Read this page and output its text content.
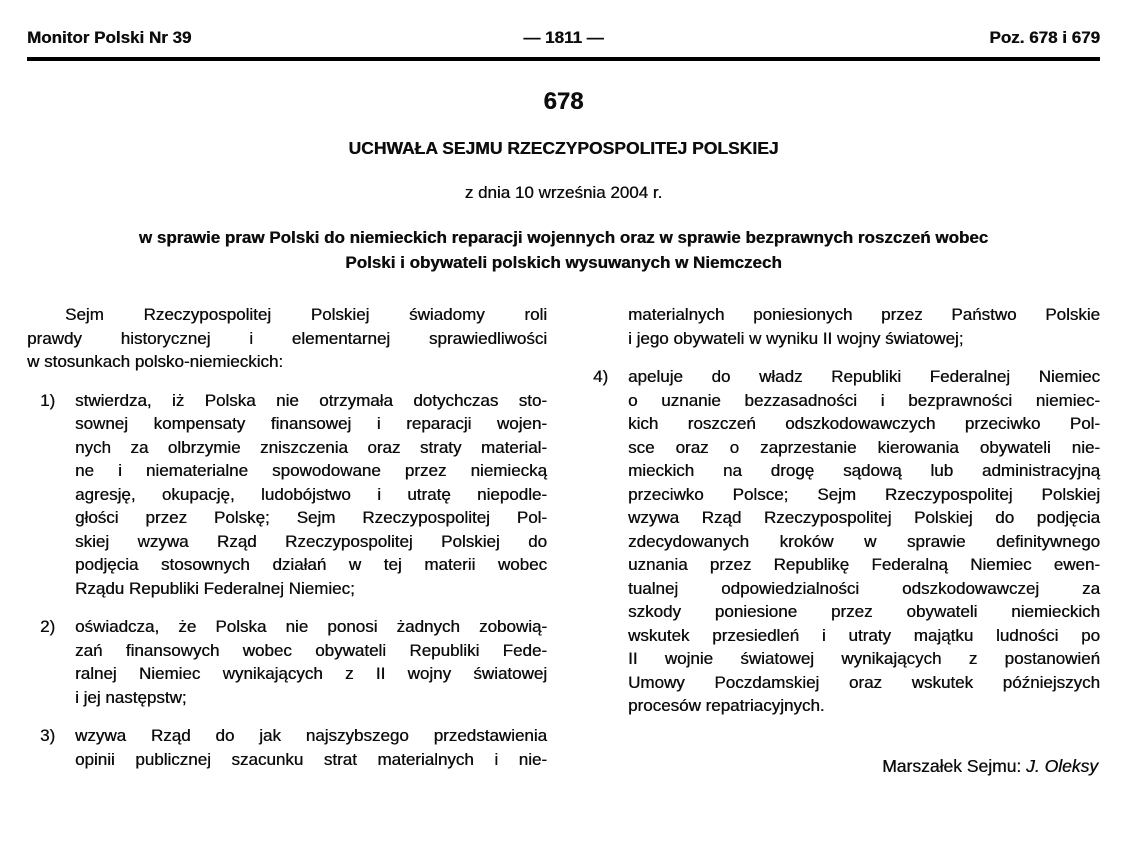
Monitor Polski Nr 39	— 1811 —	Poz. 678 i 679
678
UCHWAŁA SEJMU RZECZYPOSPOLITEJ POLSKIEJ
z dnia 10 września 2004 r.
w sprawie praw Polski do niemieckich reparacji wojennych oraz w sprawie bezprawnych roszczeń wobec
Polski i obywateli polskich wysuwanych w Niemczech
Sejm Rzeczypospolitej Polskiej świadomy roli
prawdy historycznej i elementarnej sprawiedliwości
w stosunkach polsko-niemieckich:
1)	stwierdza, iż Polska nie otrzymała dotychczas sto-
sownej kompensaty finansowej i reparacji wojen-
nych za olbrzymie zniszczenia oraz straty material-
ne i niematerialne spowodowane przez niemiecką
agresję, okupację, ludobójstwo i utratę niepodle-
głości przez Polskę; Sejm Rzeczypospolitej Pol-
skiej wzywa Rząd Rzeczypospolitej Polskiej do
podjęcia stosownych działań w tej materii wobec
Rządu Republiki Federalnej Niemiec;
2)	oświadcza, że Polska nie ponosi żadnych zobowią-
zań finansowych wobec obywateli Republiki Fede-
ralnej Niemiec wynikających z II wojny światowej
i jej następstw;
3)	wzywa Rząd do jak najszybszego przedstawienia
opinii publicznej szacunku strat materialnych i nie-
materialnych poniesionych przez Państwo Polskie
i jego obywateli w wyniku II wojny światowej;
4)	apeluje do władz Republiki Federalnej Niemiec
o uznanie bezzasadności i bezprawności niemiec-
kich roszczeń odszkodowawczych przeciwko Pol-
sce oraz o zaprzestanie kierowania obywateli nie-
mieckich na drogę sądową lub administracyjną
przeciwko Polsce; Sejm Rzeczypospolitej Polskiej
wzywa Rząd Rzeczypospolitej Polskiej do podjęcia
zdecydowanych kroków w sprawie definitywnego
uznania przez Republikę Federalną Niemiec ewen-
tualnej odpowiedzialności odszkodowawczej za
szkody poniesione przez obywateli niemieckich
wskutek przesiedleń i utraty majątku ludności po
II wojnie światowej wynikających z postanowień
Umowy Poczdamskiej oraz wskutek późniejszych
procesów repatriacyjnych.
Marszałek Sejmu: J. Oleksy
